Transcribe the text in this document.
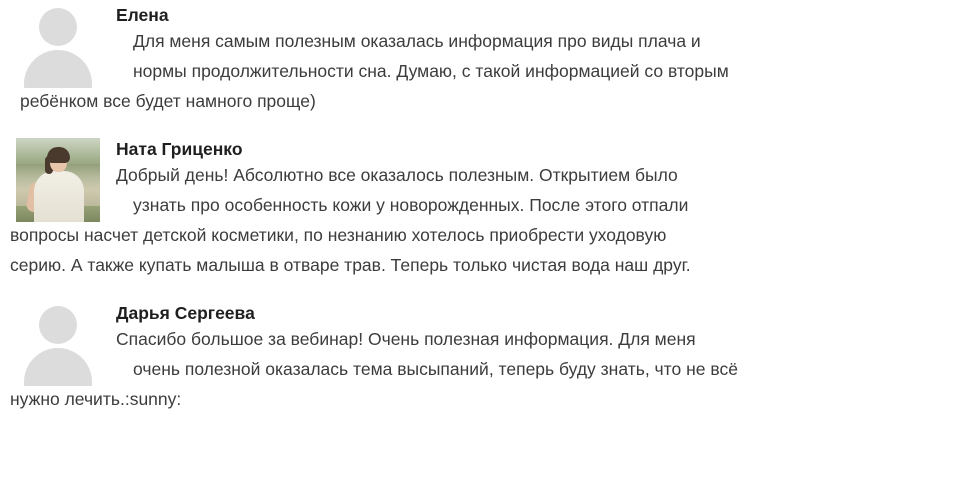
Елена
Для меня самым полезным оказалась информация про виды плача и
нормы продолжительности сна. Думаю, с такой информацией со вторым
ребёнком все будет намного проще)
Ната Гриценко
Добрый день! Абсолютно все оказалось полезным. Открытием было
узнать про особенность кожи у новорожденных. После этого отпали
вопросы насчет детской косметики, по незнанию хотелось приобрести уходовую
серию. А также купать малыша в отваре трав. Теперь только чистая вода наш друг.
Дарья Сергеева
Спасибо большое за вебинар! Очень полезная информация. Для меня
очень полезной оказалась тема высыпаний, теперь буду знать, что не всё
нужно лечить.:sunny:
